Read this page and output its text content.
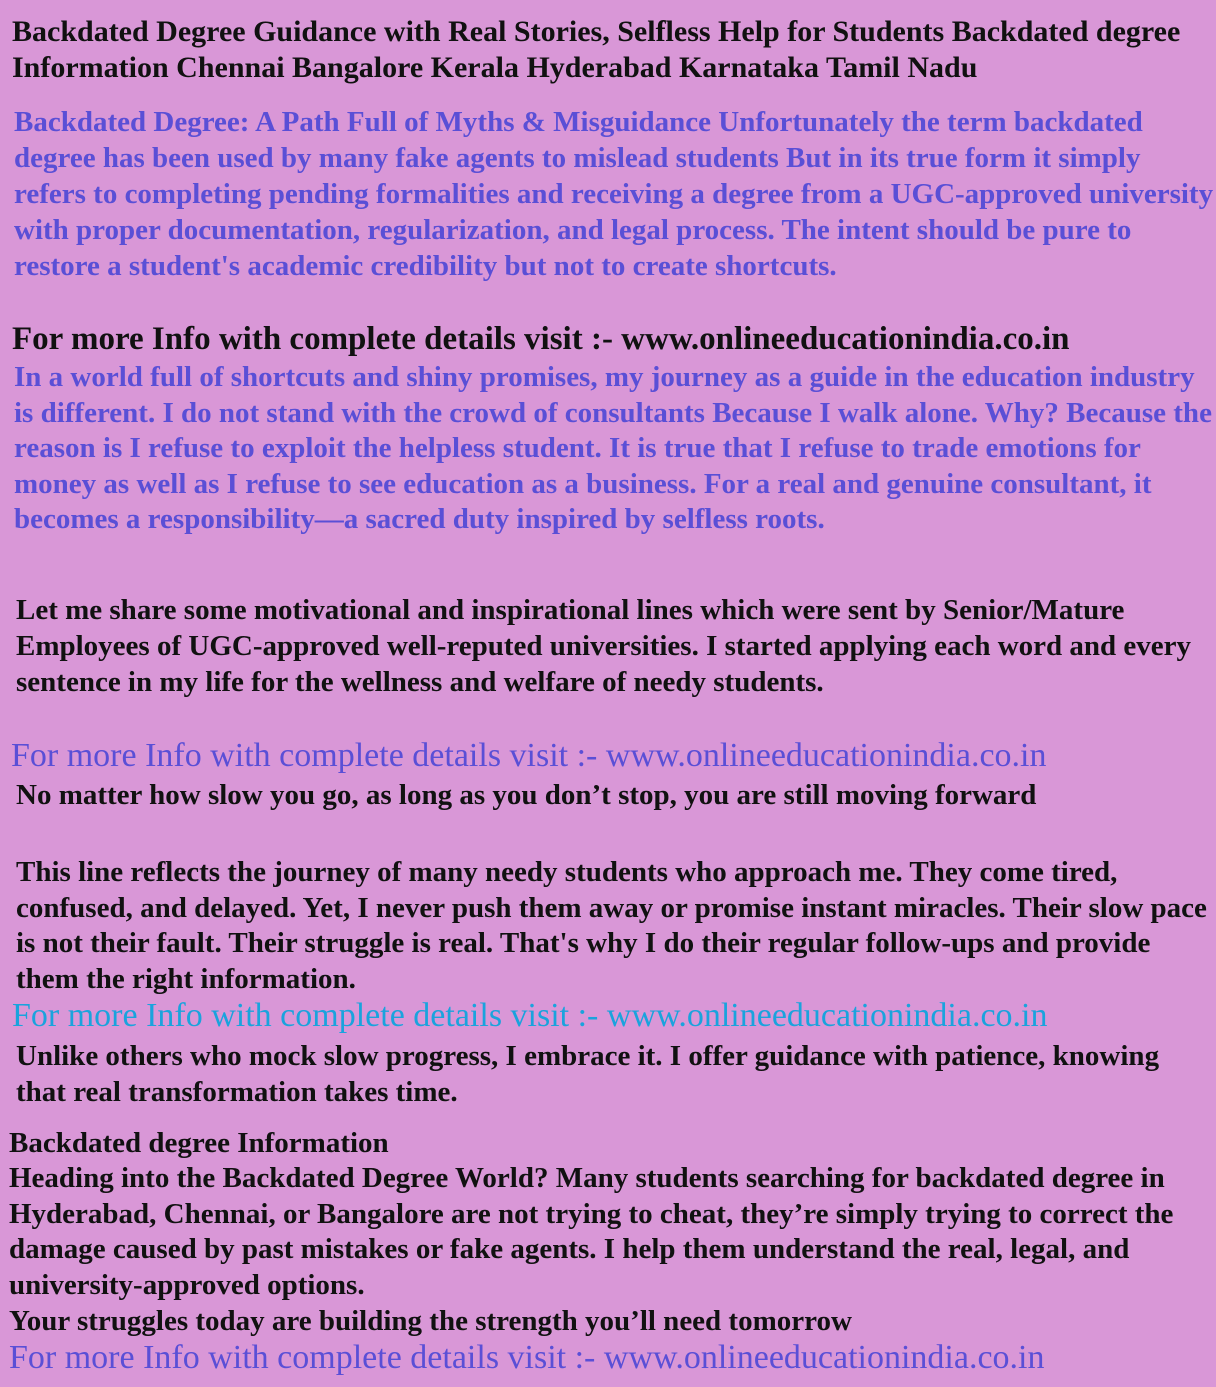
Backdated Degree Guidance with Real Stories, Selfless Help for Students Backdated degree Information Chennai Bangalore Kerala Hyderabad Karnataka Tamil Nadu

Backdated Degree: A Path Full of Myths & Misguidance Unfortunately the term backdated degree has been used by many fake agents to mislead students But in its true form it simply refers to completing pending formalities and receiving a degree from a UGC-approved university with proper documentation, regularization, and legal process. The intent should be pure to restore a student's academic credibility but not to create shortcuts.

For more Info with complete details visit :- www.onlineeducationindia.co.in

In a world full of shortcuts and shiny promises, my journey as a guide in the education industry is different. I do not stand with the crowd of consultants Because I walk alone. Why? Because the reason is I refuse to exploit the helpless student. It is true that I refuse to trade emotions for money as well as I refuse to see education as a business. For a real and genuine consultant, it becomes a responsibility—a sacred duty inspired by selfless roots.

Let me share some motivational and inspirational lines which were sent by Senior/Mature Employees of UGC-approved well-reputed universities. I started applying each word and every sentence in my life for the wellness and welfare of needy students.

For more Info with complete details visit :- www.onlineeducationindia.co.in

No matter how slow you go, as long as you don’t stop, you are still moving forward

This line reflects the journey of many needy students who approach me. They come tired, confused, and delayed. Yet, I never push them away or promise instant miracles. Their slow pace is not their fault. Their struggle is real. That's why I do their regular follow-ups and provide them the right information.

For more Info with complete details visit :- www.onlineeducationindia.co.in

Unlike others who mock slow progress, I embrace it. I offer guidance with patience, knowing that real transformation takes time.

Backdated degree Information

Heading into the Backdated Degree World? Many students searching for backdated degree in Hyderabad, Chennai, or Bangalore are not trying to cheat, they’re simply trying to correct the damage caused by past mistakes or fake agents. I help them understand the real, legal, and university-approved options.

Your struggles today are building the strength you’ll need tomorrow

For more Info with complete details visit :- www.onlineeducationindia.co.in
